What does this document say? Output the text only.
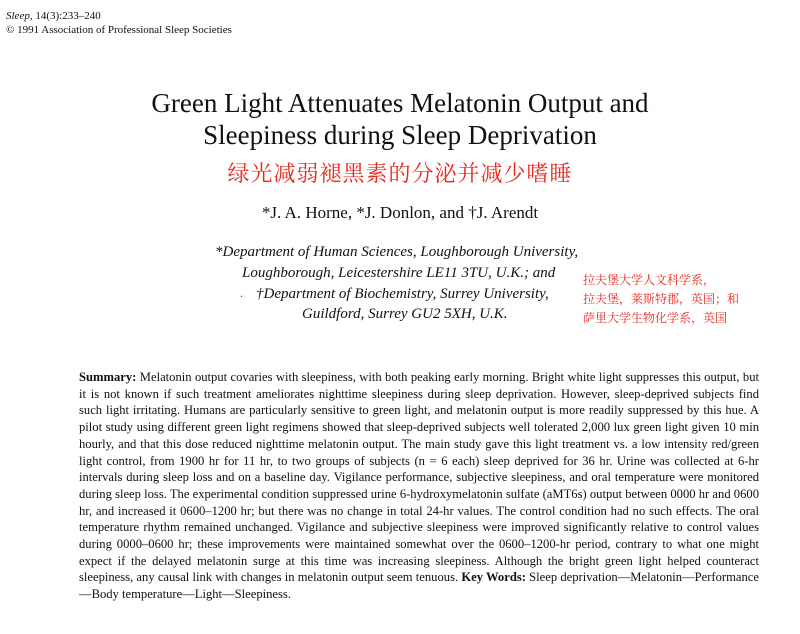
Sleep, 14(3):233–240
© 1991 Association of Professional Sleep Societies
Green Light Attenuates Melatonin Output and
Sleepiness during Sleep Deprivation
绿光减弱褪黑素的分泌并减少嗜睡
*J. A. Horne, *J. Donlon, and †J. Arendt
*Department of Human Sciences, Loughborough University,
Loughborough, Leicestershire LE11 3TU, U.K.; and
. †Department of Biochemistry, Surrey University,
Guildford, Surrey GU2 5XH, U.K.
拉夫堡大学人文科学系，
拉夫堡，莱斯特郡，英国；和
萨里大学生物化学系，英国
Summary: Melatonin output covaries with sleepiness, with both peaking early morning. Bright white light suppresses this output, but it is not known if such treatment ameliorates nighttime sleepiness during sleep deprivation. However, sleep-deprived subjects find such light irritating. Humans are particularly sensitive to green light, and melatonin output is more readily suppressed by this hue. A pilot study using different green light regimens showed that sleep-deprived subjects well tolerated 2,000 lux green light given 10 min hourly, and that this dose reduced nighttime melatonin output. The main study gave this light treatment vs. a low intensity red/green light control, from 1900 hr for 11 hr, to two groups of subjects (n = 6 each) sleep deprived for 36 hr. Urine was collected at 6-hr intervals during sleep loss and on a baseline day. Vigilance performance, subjective sleepiness, and oral temperature were monitored during sleep loss. The experimental condition suppressed urine 6-hydroxymelatonin sulfate (aMT6s) output between 0000 hr and 0600 hr, and increased it 0600–1200 hr; but there was no change in total 24-hr values. The control condition had no such effects. The oral temperature rhythm remained unchanged. Vigilance and subjective sleepiness were improved significantly relative to control values during 0000–0600 hr; these improvements were maintained somewhat over the 0600–1200-hr period, contrary to what one might expect if the delayed melatonin surge at this time was increasing sleepiness. Although the bright green light helped counteract sleepiness, any causal link with changes in melatonin output seem tenuous. Key Words: Sleep deprivation—Melatonin—Performance—Body temperature—Light—Sleepiness.
